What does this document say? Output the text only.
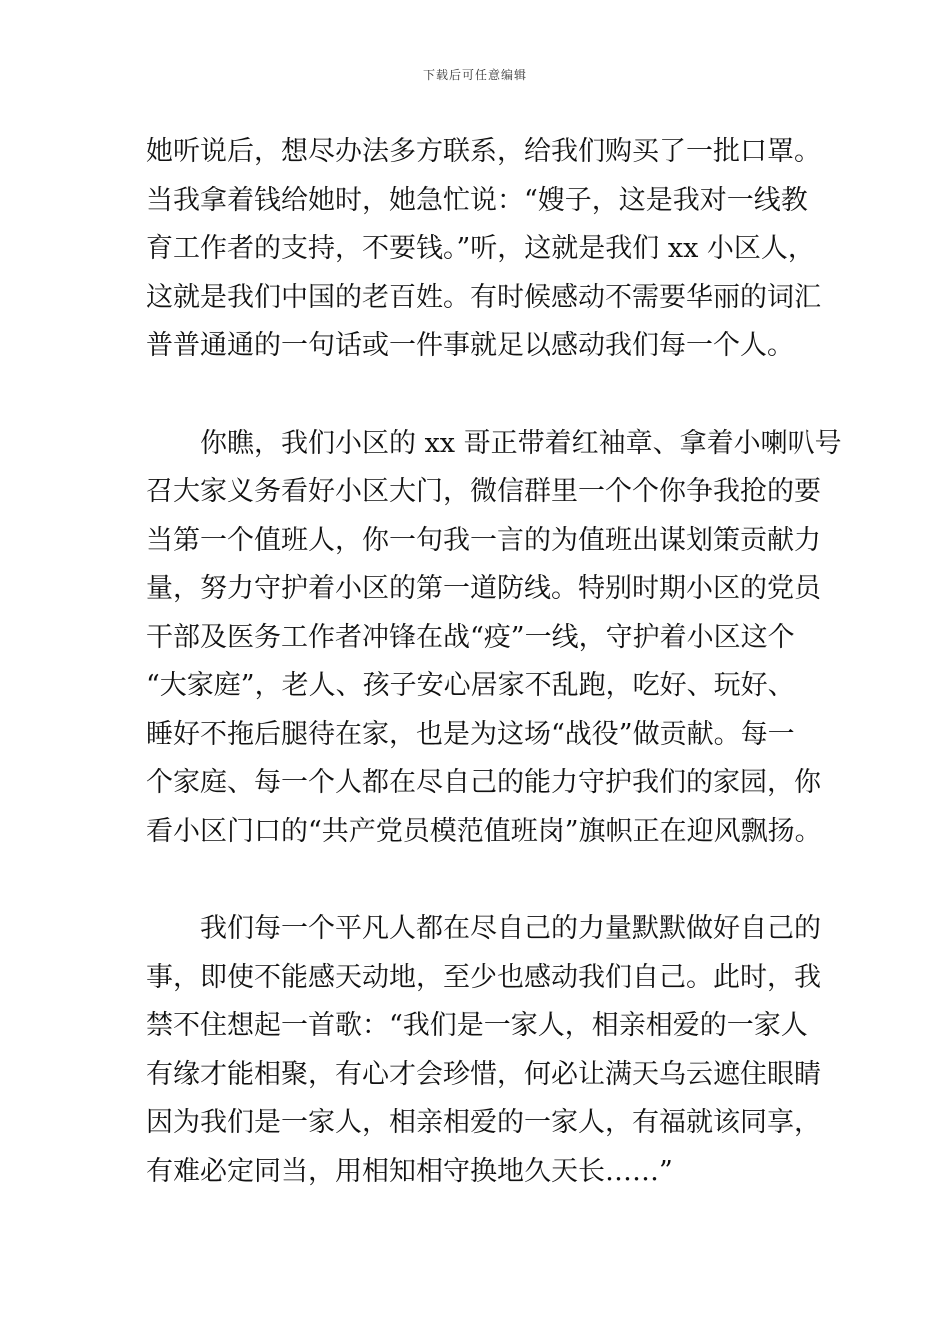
下载后可任意编辑
她听说后，想尽办法多方联系，给我们购买了一批口罩。
当我拿着钱给她时，她急忙说：“嫂子，这是我对一线教
育工作者的支持，不要钱。”听，这就是我们 xx 小区人，
这就是我们中国的老百姓。有时候感动不需要华丽的词汇
普普通通的一句话或一件事就足以感动我们每一个人。
你瞧，我们小区的 xx 哥正带着红袖章、拿着小喇叭号
召大家义务看好小区大门，微信群里一个个你争我抢的要
当第一个值班人，你一句我一言的为值班出谋划策贡献力
量，努力守护着小区的第一道防线。特别时期小区的党员
干部及医务工作者冲锋在战“疫”一线，守护着小区这个
“大家庭”，老人、孩子安心居家不乱跑，吃好、玩好、
睡好不拖后腿待在家，也是为这场“战役”做贡献。每一
个家庭、每一个人都在尽自己的能力守护我们的家园，你
看小区门口的“共产党员模范值班岗”旗帜正在迎风飘扬。
我们每一个平凡人都在尽自己的力量默默做好自己的
事，即使不能感天动地，至少也感动我们自己。此时，我
禁不住想起一首歌：“我们是一家人，相亲相爱的一家人
有缘才能相聚，有心才会珍惜，何必让满天乌云遮住眼睛
因为我们是一家人，相亲相爱的一家人，有福就该同享，
有难必定同当，用相知相守换地久天长……”
